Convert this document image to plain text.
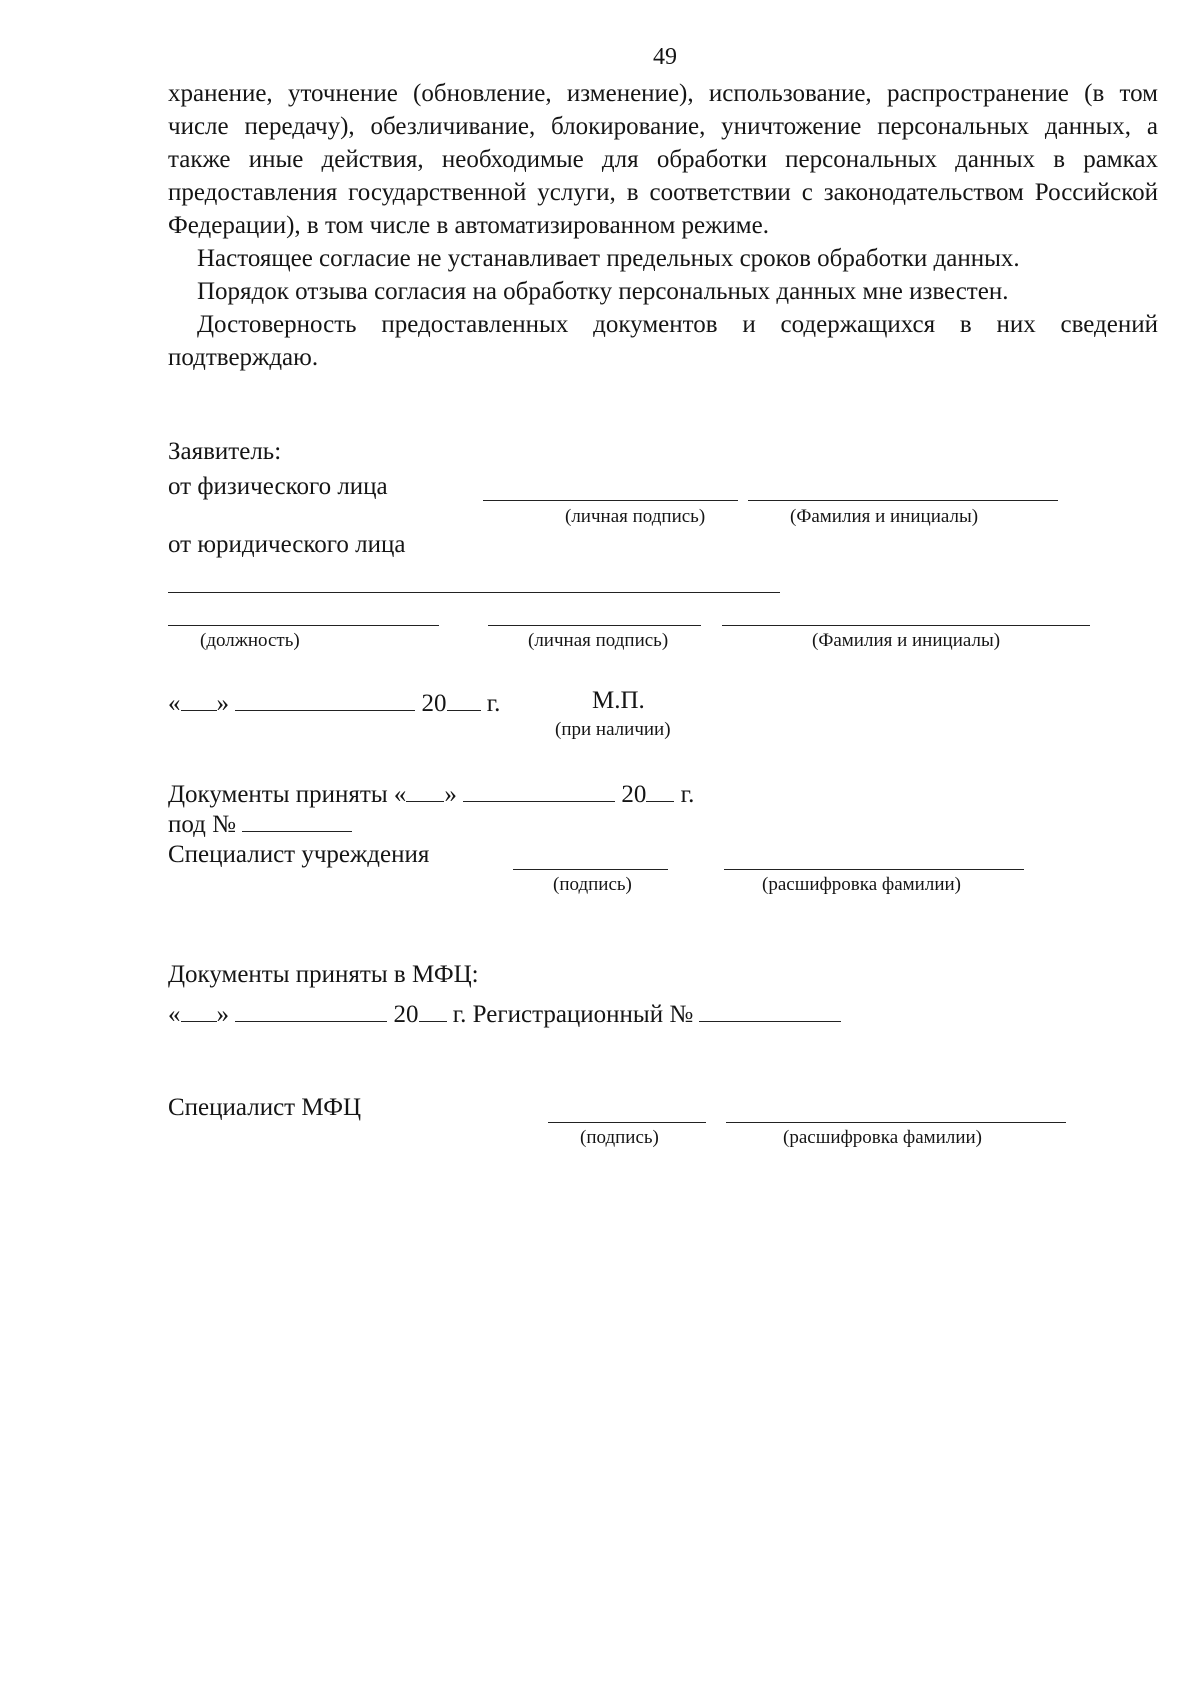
49

хранение, уточнение (обновление, изменение), использование, распространение (в том числе передачу), обезличивание, блокирование, уничтожение персональных данных, а также иные действия, необходимые для обработки персональных данных в рамках предоставления государственной услуги, в соответствии с законодательством Российской Федерации), в том числе в автоматизированном режиме.

Настоящее согласие не устанавливает предельных сроков обработки данных.

Порядок отзыва согласия на обработку персональных данных мне известен.

Достоверность предоставленных документов и содержащихся в них сведений подтверждаю.

Заявитель:
от физического лица
(личная подпись)	(Фамилия и инициалы)
от юридического лица
(должность)	(личная подпись)	(Фамилия и инициалы)
« »	20 г.	М.П.
(при наличии)
Документы приняты « »	20 г.
под №
Специалист учреждения
(подпись)	(расшифровка фамилии)
Документы приняты в МФЦ:
« »	20 г. Регистрационный №
Специалист МФЦ
(подпись)	(расшифровка фамилии)
